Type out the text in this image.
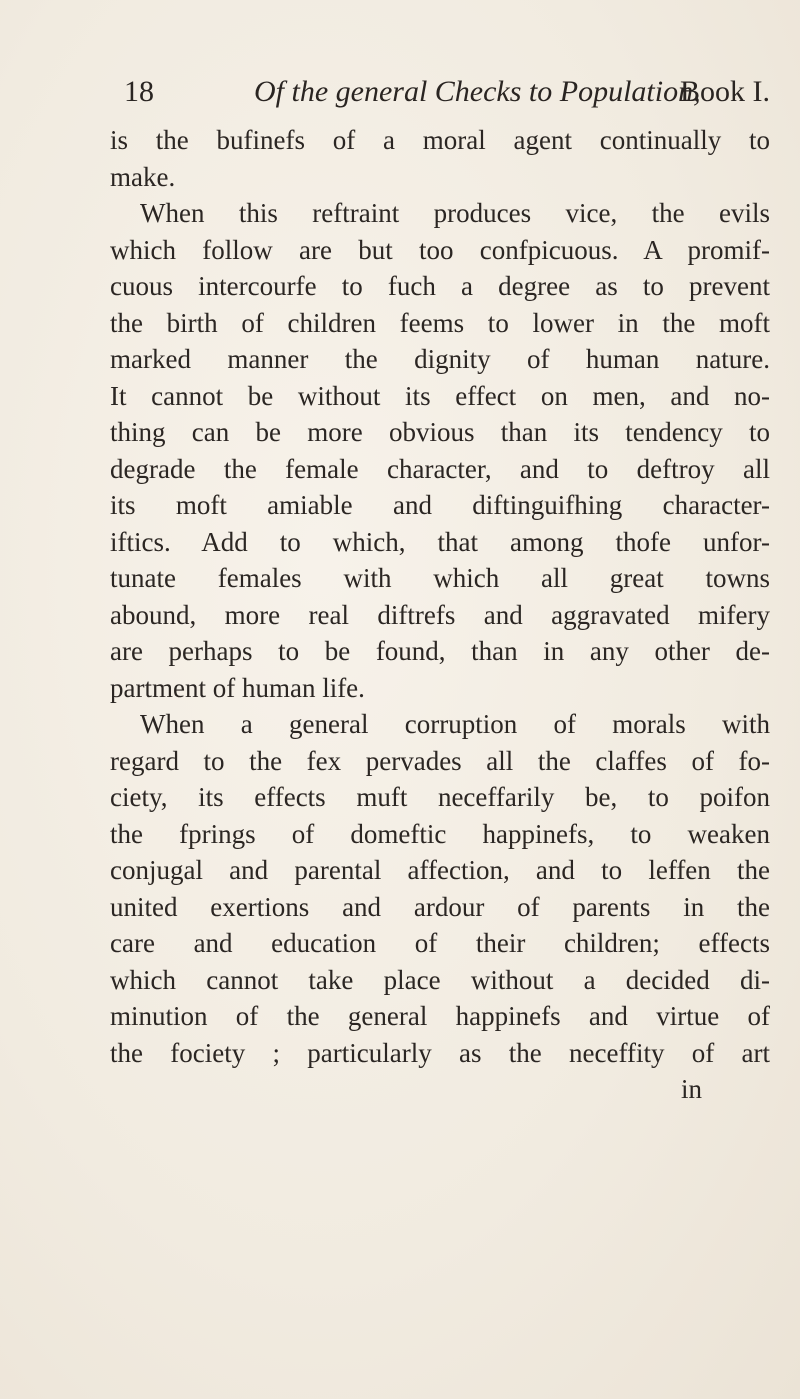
18	Of the general Checks to Population,
Book I.
is the bufinefs of a moral agent continually to
make.
When this reftraint produces vice, the evils
which follow are but too confpicuous. A promif-
cuous intercourfe to fuch a degree as to prevent
the birth of children feems to lower in the moft
marked manner the dignity of human nature.
It cannot be without its effect on men, and no-
thing can be more obvious than its tendency to
degrade the female character, and to deftroy all
its moft amiable and diftinguifhing character-
iftics. Add to which, that among thofe unfor-
tunate females with which all great towns
abound, more real diftrefs and aggravated mifery
are perhaps to be found, than in any other de-
partment of human life.
When a general corruption of morals with
regard to the fex pervades all the claffes of fo-
ciety, its effects muft neceffarily be, to poifon
the fprings of domeftic happinefs, to weaken
conjugal and parental affection, and to leffen the
united exertions and ardour of parents in the
care and education of their children; effects
which cannot take place without a decided di-
minution of the general happinefs and virtue of
the fociety ; particularly as the neceffity of art
in
